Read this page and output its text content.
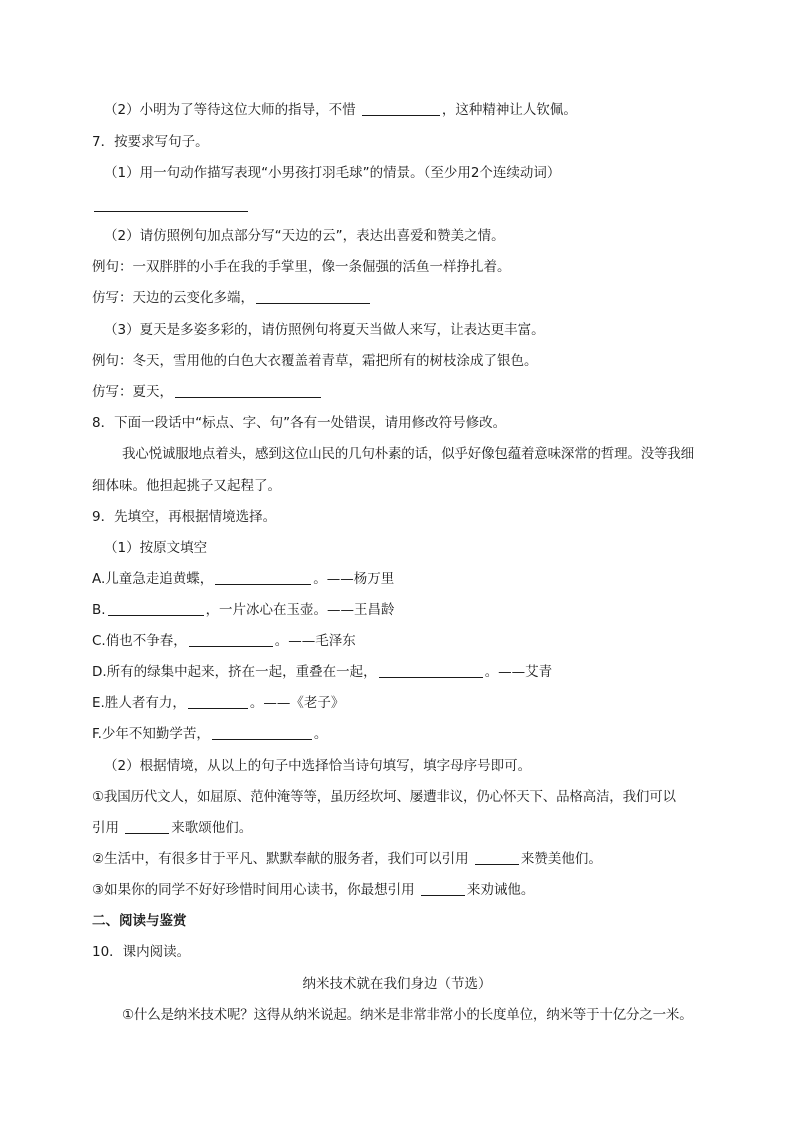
（2）小明为了等待这位大师的指导，不惜	，这种精神让人钦佩。
7．按要求写句子。
（1）用一句动作描写表现“小男孩打羽毛球”的情景。（至少用2个连续动词）
（2）请仿照例句加点部分写“天边的云”，表达出喜爱和赞美之情。
例句：一双胖胖的小手在我的手掌里，像一条倔强的活鱼一样挣扎着。
仿写：天边的云变化多端，
（3）夏天是多姿多彩的，请仿照例句将夏天当做人来写，让表达更丰富。
例句：冬天，雪用他的白色大衣覆盖着青草，霜把所有的树枝涂成了银色。
仿写：夏天，
8．下面一段话中“标点、字、句”各有一处错误，请用修改符号修改。
我心悦诚服地点着头，感到这位山民的几句朴素的话，似乎好像包蕴着意味深常的哲理。没等我细
细体味。他担起挑子又起程了。
9．先填空，再根据情境选择。
（1）按原文填空
A.儿童急走追黄蝶，	。——杨万里
B.	，一片冰心在玉壶。——王昌龄
C.俏也不争春，	。——毛泽东
D.所有的绿集中起来，挤在一起，重叠在一起，	。——艾青
E.胜人者有力，	。——《老子》
F.少年不知勤学苦，	。
（2）根据情境，从以上的句子中选择恰当诗句填写，填字母序号即可。
①我国历代文人，如屈原、范仲淹等等，虽历经坎坷、屡遭非议，仍心怀天下、品格高洁，我们可以
引用	来歌颂他们。
②生活中，有很多甘于平凡、默默奉献的服务者，我们可以引用	来赞美他们。
③如果你的同学不好好珍惜时间用心读书，你最想引用	来劝诫他。
二、阅读与鉴赏
10．课内阅读。
纳米技术就在我们身边（节选）
①什么是纳米技术呢？这得从纳米说起。纳米是非常非常小的长度单位，纳米等于十亿分之一米。
